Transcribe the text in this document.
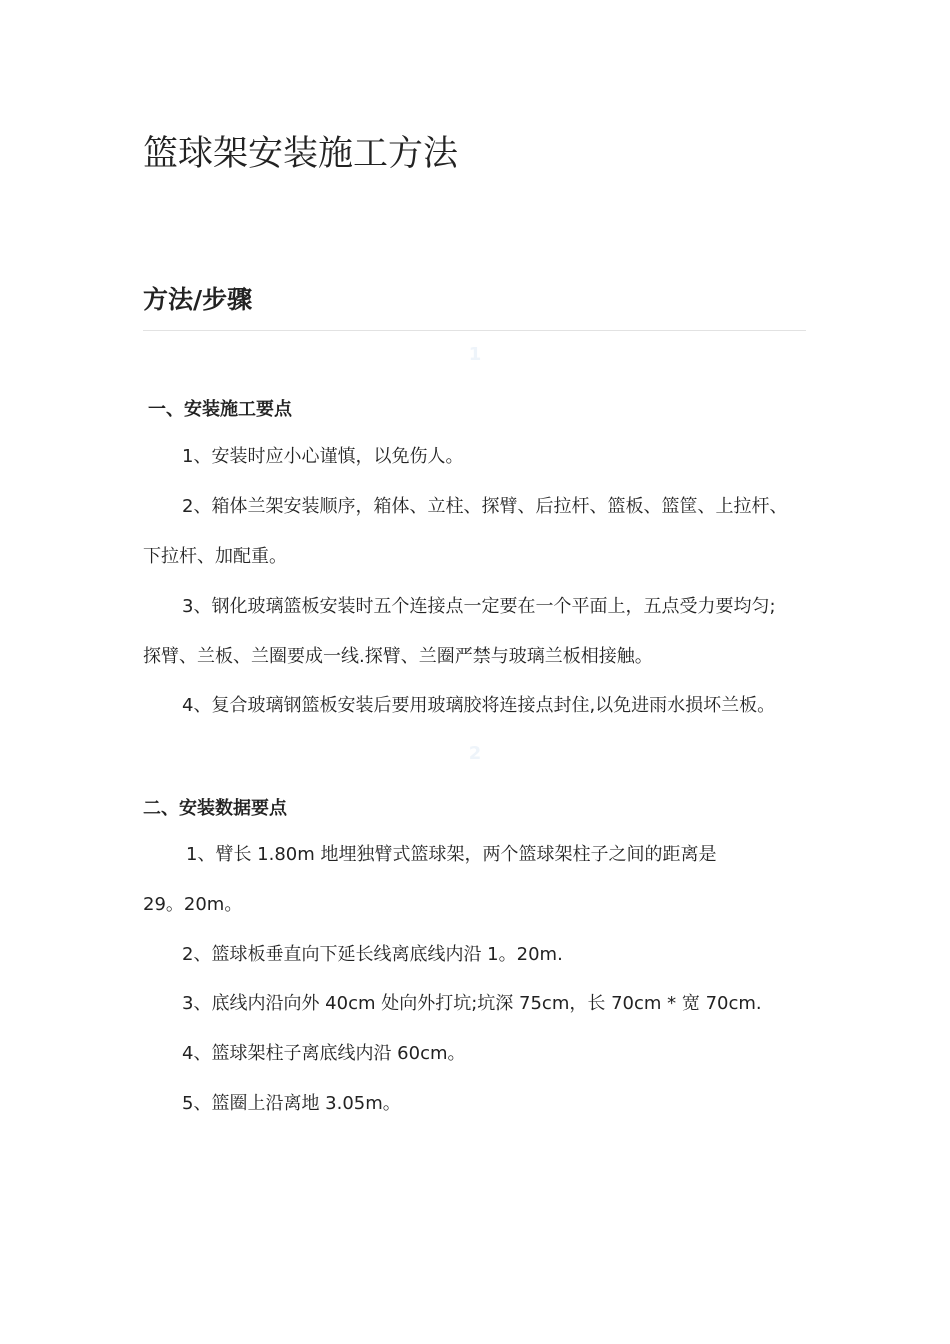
篮球架安装施工方法
方法/步骤
1
一、安装施工要点
1、安装时应小心谨慎，以免伤人。
2、箱体兰架安装顺序，箱体、立柱、探臂、后拉杆、篮板、篮筐、上拉杆、
下拉杆、加配重。
3、钢化玻璃篮板安装时五个连接点一定要在一个平面上，五点受力要均匀;
探臂、兰板、兰圈要成一线.探臂、兰圈严禁与玻璃兰板相接触。
4、复合玻璃钢篮板安装后要用玻璃胶将连接点封住,以免进雨水损坏兰板。
2
二、安装数据要点
1、臂长 1.80m 地埋独臂式篮球架，两个篮球架柱子之间的距离是
29。20m。
2、篮球板垂直向下延长线离底线内沿 1。20m.
3、底线内沿向外 40cm 处向外打坑;坑深 75cm，长 70cm * 宽 70cm.
4、篮球架柱子离底线内沿 60cm。
5、篮圈上沿离地 3.05m。
